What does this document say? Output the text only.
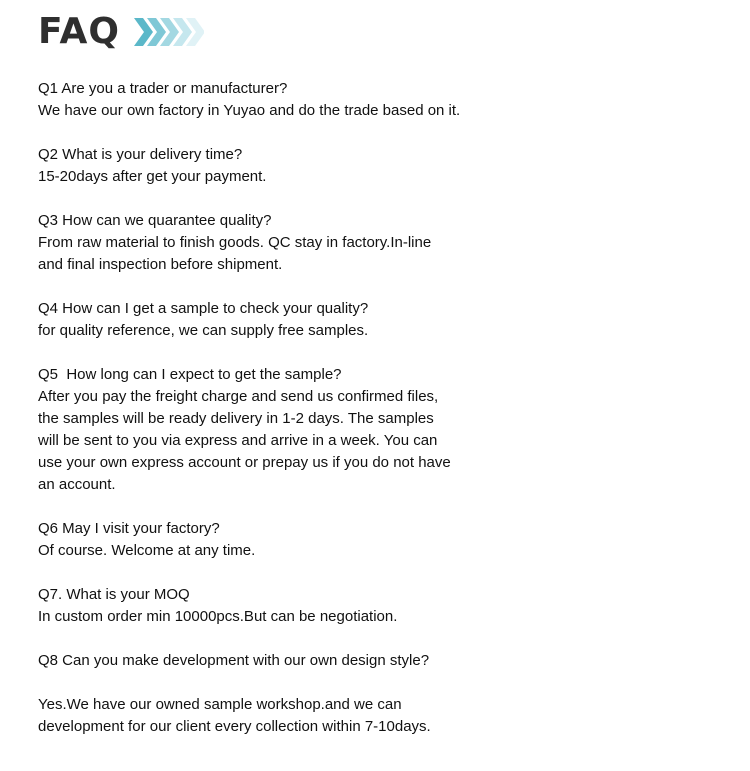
FAQ
Q1 Are you a trader or manufacturer?
We have our own factory in Yuyao and do the trade based on it.
Q2 What is your delivery time?
15-20days after get your payment.
Q3 How can we quarantee quality?
From raw material to finish goods. QC stay in factory.In-line
and final inspection before shipment.
Q4 How can I get a sample to check your quality?
for quality reference, we can supply free samples.
Q5  How long can I expect to get the sample?
After you pay the freight charge and send us confirmed files,
the samples will be ready delivery in 1-2 days. The samples
will be sent to you via express and arrive in a week. You can
use your own express account or prepay us if you do not have
an account.
Q6 May I visit your factory?
Of course. Welcome at any time.
Q7. What is your MOQ
In custom order min 10000pcs.But can be negotiation.
Q8 Can you make development with our own design style?
Yes.We have our owned sample workshop.and we can
development for our client every collection within 7-10days.
